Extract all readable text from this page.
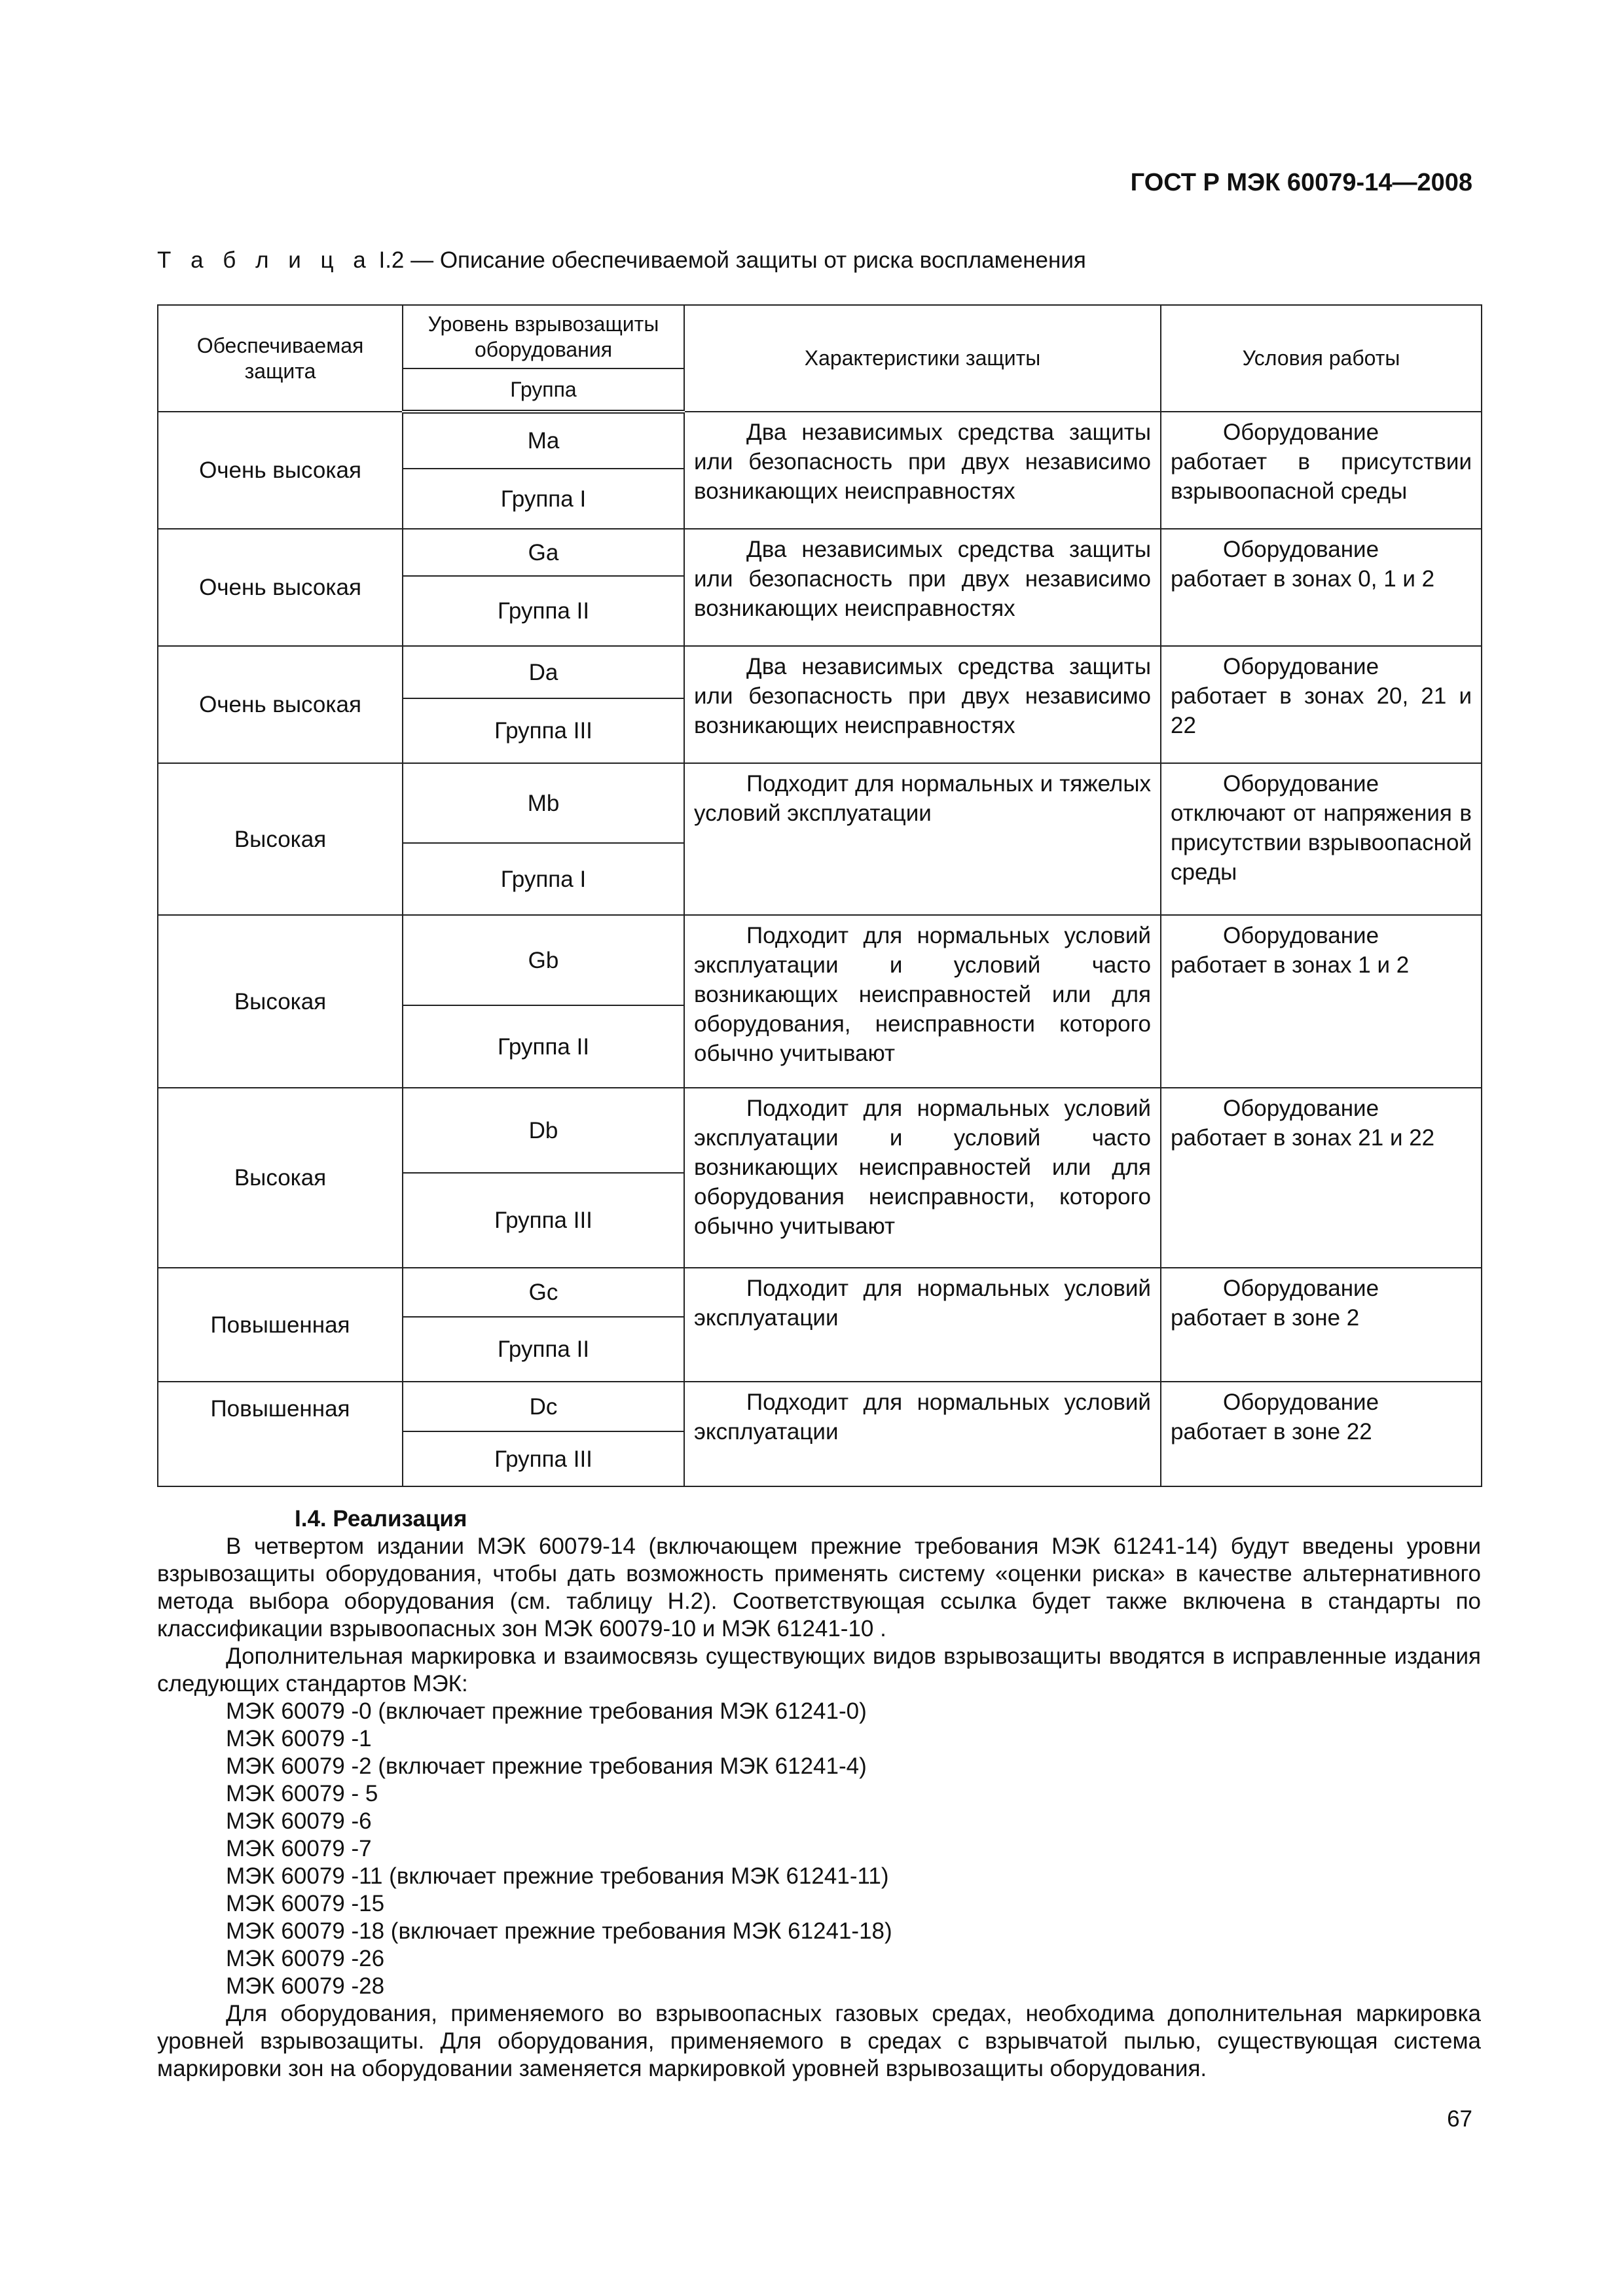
ГОСТ Р МЭК 60079-14—2008
Т а б л и ц а I.2 — Описание обеспечиваемой защиты от риска воспламенения
Обеспечиваемая защита	Уровень взрывозащиты оборудования	Характеристики защиты	Условия работы
	Группа		
Очень высокая	Ma	Два независимых средства защиты или безопасность при двух независимо возникающих неисправностях	Оборудование работает в присутствии взрывоопасной среды
	Группа I		
Очень высокая	Ga	Два независимых средства защиты или безопасность при двух независимо возникающих неисправностях	Оборудование работает в зонах 0, 1 и 2
	Группа II		
Очень высокая	Da	Два независимых средства защиты или безопасность при двух независимо возникающих неисправностях	Оборудование работает в зонах 20, 21 и 22
	Группа III		
Высокая	Mb	Подходит для нормальных и тяжелых условий эксплуатации	Оборудование отключают от напряжения в присутствии взрывоопасной среды
	Группа I		
Высокая	Gb	Подходит для нормальных условий эксплуатации и условий часто возникающих неисправностей или для оборудования, неисправности которого обычно учитывают	Оборудование работает в зонах 1 и 2
	Группа II		
Высокая	Db	Подходит для нормальных условий эксплуатации и условий часто возникающих неисправностей или для оборудования неисправности, которого обычно учитывают	Оборудование работает в зонах 21 и 22
	Группа III		
Повышенная	Gc	Подходит для нормальных условий эксплуатации	Оборудование работает в зоне 2
	Группа II		
Повышенная	Dc	Подходит для нормальных условий эксплуатации	Оборудование работает в зоне 22
	Группа III		

I.4. Реализация

В четвертом издании МЭК 60079-14 (включающем прежние требования МЭК 61241-14) будут введены уровни взрывозащиты оборудования, чтобы дать возможность применять систему «оценки риска» в качестве альтернативного метода выбора оборудования (см. таблицу Н.2). Соответствующая ссылка будет также включена в стандарты по классификации взрывоопасных зон МЭК 60079-10 и МЭК 61241-10 .

Дополнительная маркировка и взаимосвязь существующих видов взрывозащиты вводятся в исправленные издания следующих стандартов МЭК:

МЭК 60079 -0 (включает прежние требования МЭК 61241-0)
МЭК 60079 -1
МЭК 60079 -2 (включает прежние требования МЭК 61241-4)
МЭК 60079 - 5
МЭК 60079 -6
МЭК 60079 -7
МЭК 60079 -11 (включает прежние требования МЭК 61241-11)
МЭК 60079 -15
МЭК 60079 -18 (включает прежние требования МЭК 61241-18)
МЭК 60079 -26
МЭК 60079 -28

Для оборудования, применяемого во взрывоопасных газовых средах, необходима дополнительная маркировка уровней взрывозащиты. Для оборудования, применяемого в средах с взрывчатой пылью, существующая система маркировки зон на оборудовании заменяется маркировкой уровней взрывозащиты оборудования.

67
